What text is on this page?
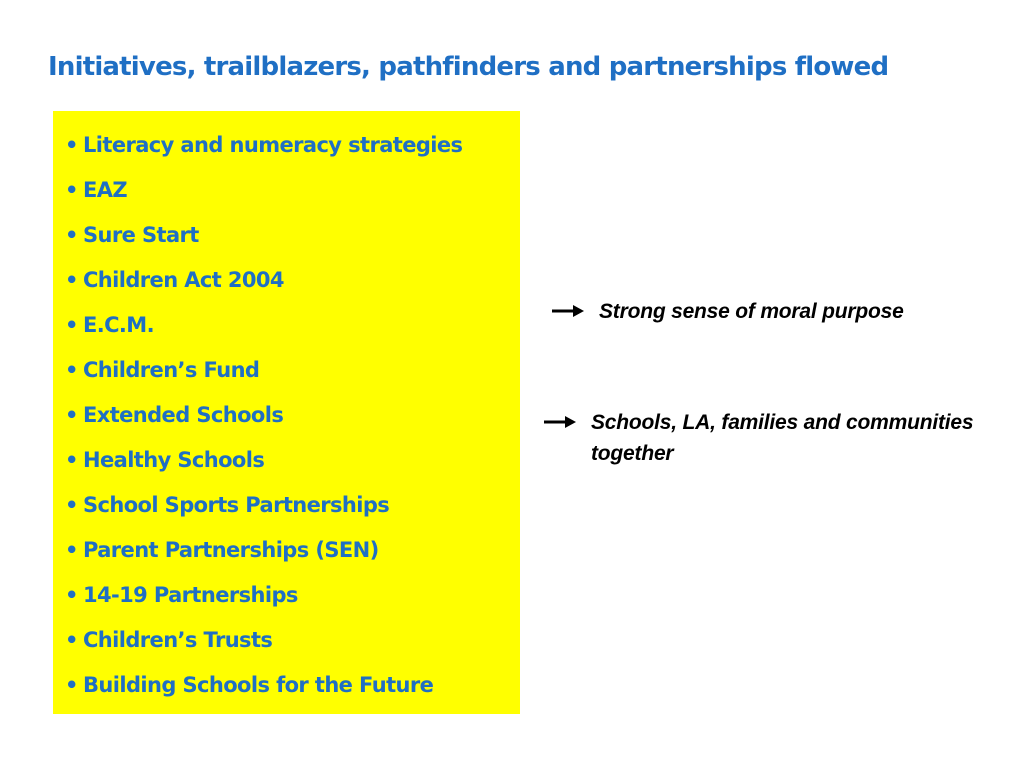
Initiatives, trailblazers, pathfinders and partnerships flowed
• Literacy and numeracy strategies
• EAZ
• Sure Start
• Children Act 2004
• E.C.M.
• Children’s Fund
• Extended Schools
• Healthy Schools
• School Sports Partnerships
• Parent Partnerships (SEN)
• 14-19 Partnerships
• Children’s Trusts
• Building Schools for the Future
Strong sense of moral purpose
Schools, LA, families and communities together
